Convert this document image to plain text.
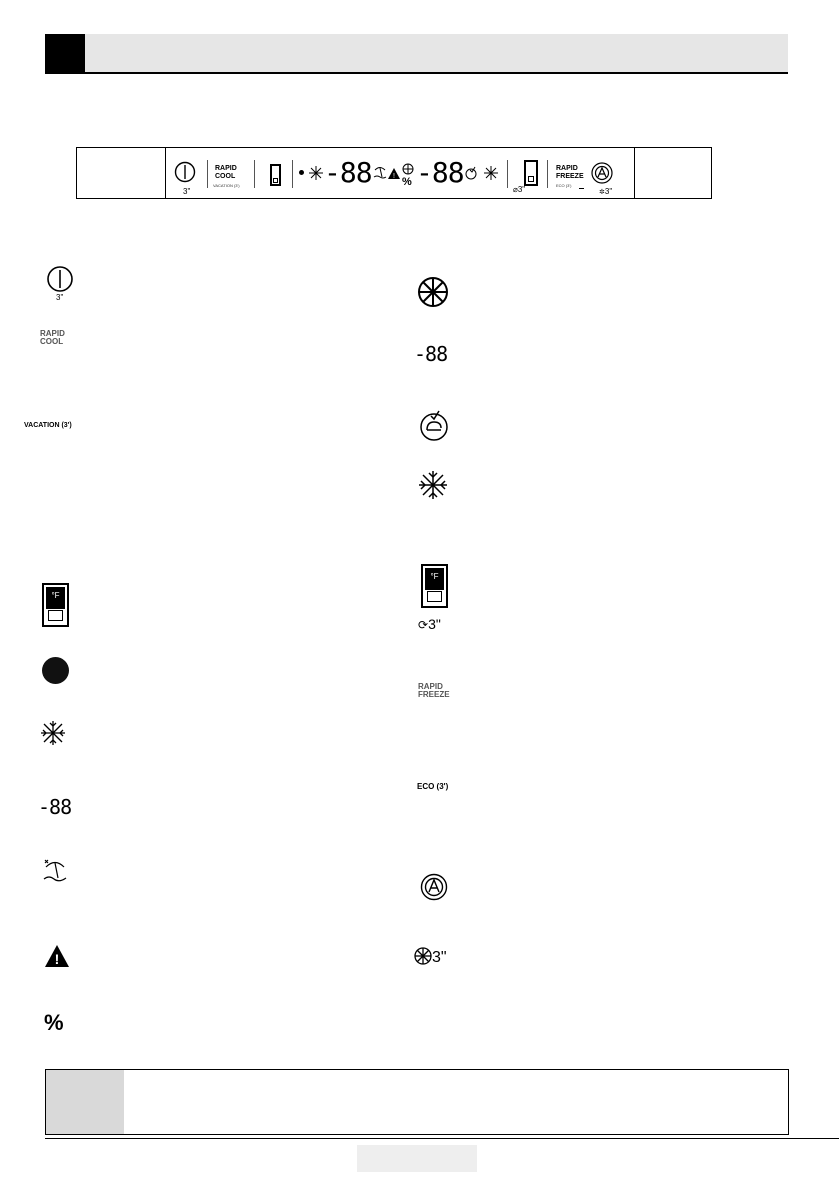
3"
RAPID
COOL
VACATION (3')	-88	! % -88
⌀3"
RAPID
FREEZE
ECO (3')
✲3"
3"
RAPID
COOL
VACATION (3')
°F
-88
!
%
-88
°F
⟳3"
RAPID
FREEZE
ECO (3')
3"
